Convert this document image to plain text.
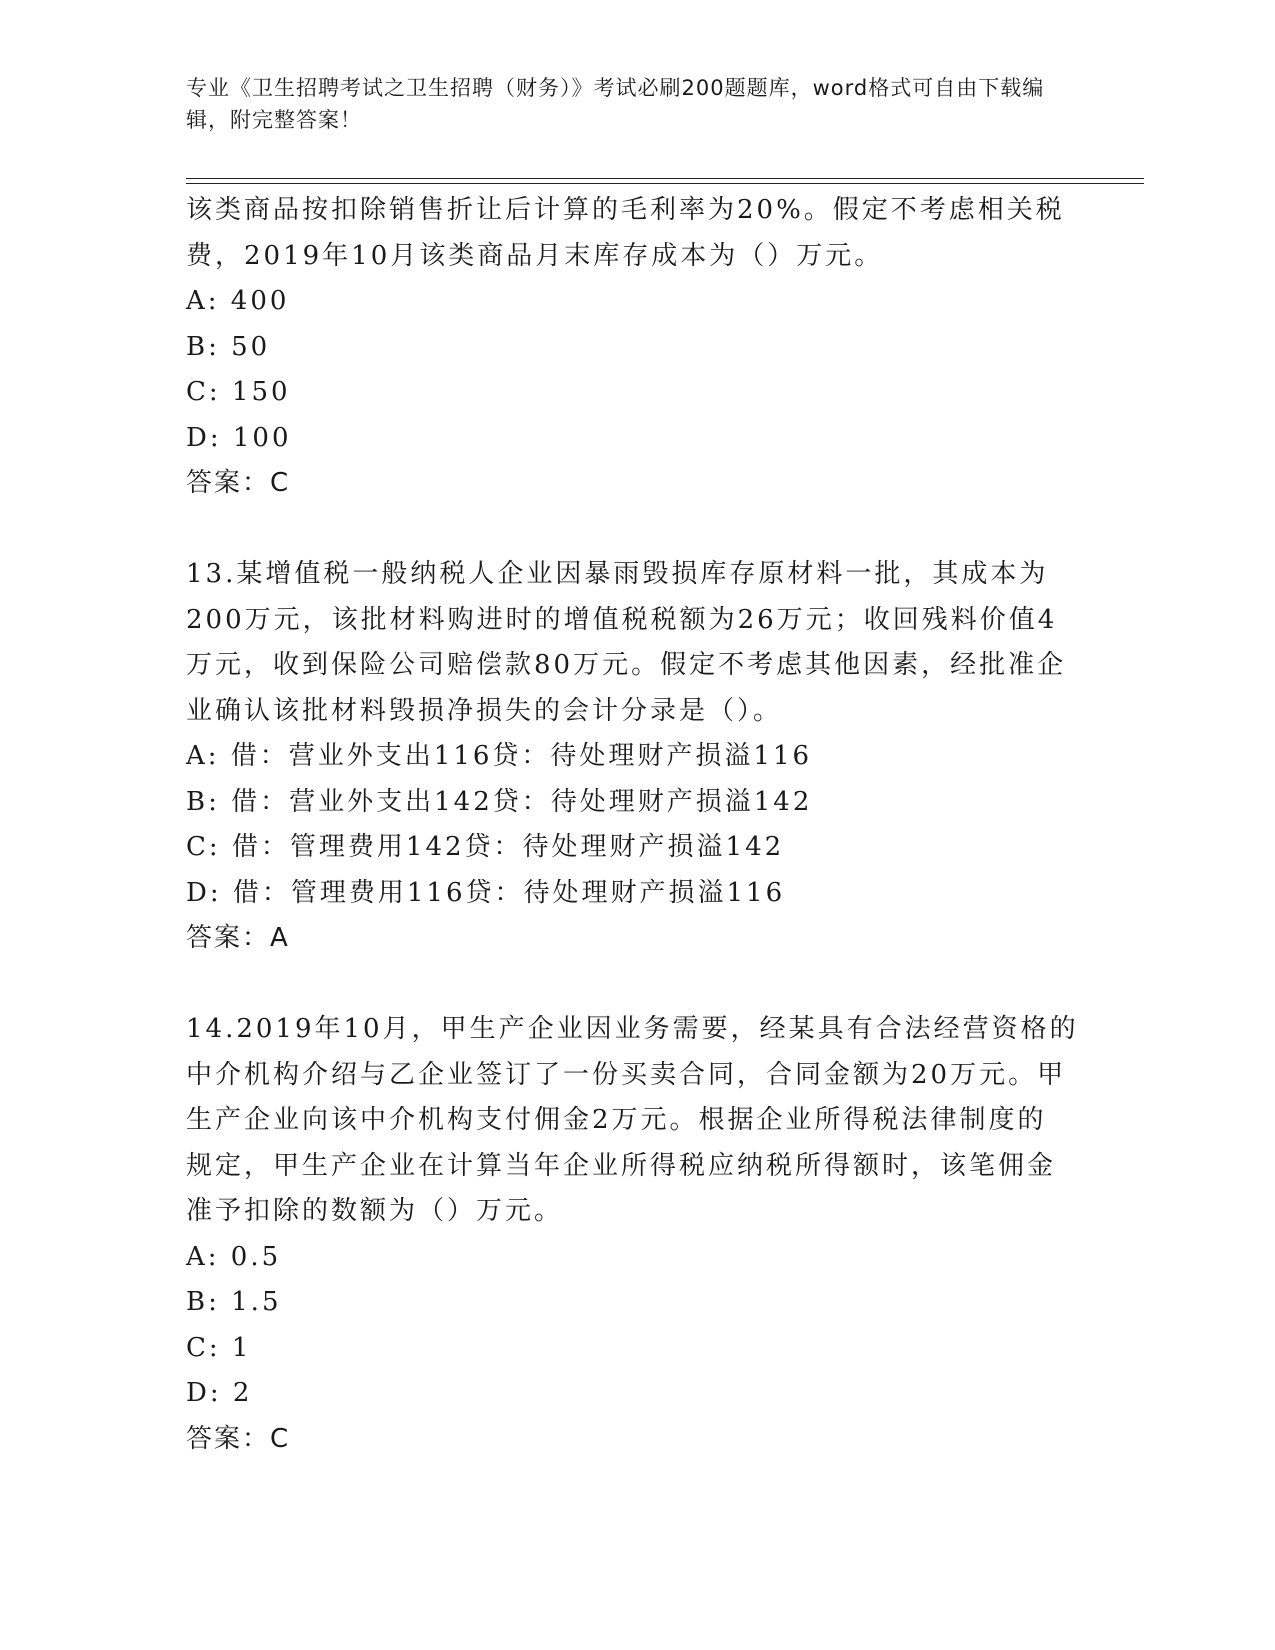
专业《卫生招聘考试之卫生招聘（财务）》考试必刷200题题库，word格式可自由下载编辑，附完整答案！

该类商品按扣除销售折让后计算的毛利率为20%。假定不考虑相关税

费，2019年10月该类商品月末库存成本为（）万元。

A: 400

B: 50

C: 150

D: 100

答案：C

13.某增值税一般纳税人企业因暴雨毁损库存原材料一批，其成本为

200万元，该批材料购进时的增值税税额为26万元；收回残料价值4

万元，收到保险公司赔偿款80万元。假定不考虑其他因素，经批准企

业确认该批材料毁损净损失的会计分录是（）。

A: 借：营业外支出116贷：待处理财产损溢116

B: 借：营业外支出142贷：待处理财产损溢142

C: 借：管理费用142贷：待处理财产损溢142

D: 借：管理费用116贷：待处理财产损溢116

答案：A

14.2019年10月，甲生产企业因业务需要，经某具有合法经营资格的

中介机构介绍与乙企业签订了一份买卖合同，合同金额为20万元。甲

生产企业向该中介机构支付佣金2万元。根据企业所得税法律制度的

规定，甲生产企业在计算当年企业所得税应纳税所得额时，该笔佣金

准予扣除的数额为（）万元。

A: 0.5

B: 1.5

C: 1

D: 2

答案：C
